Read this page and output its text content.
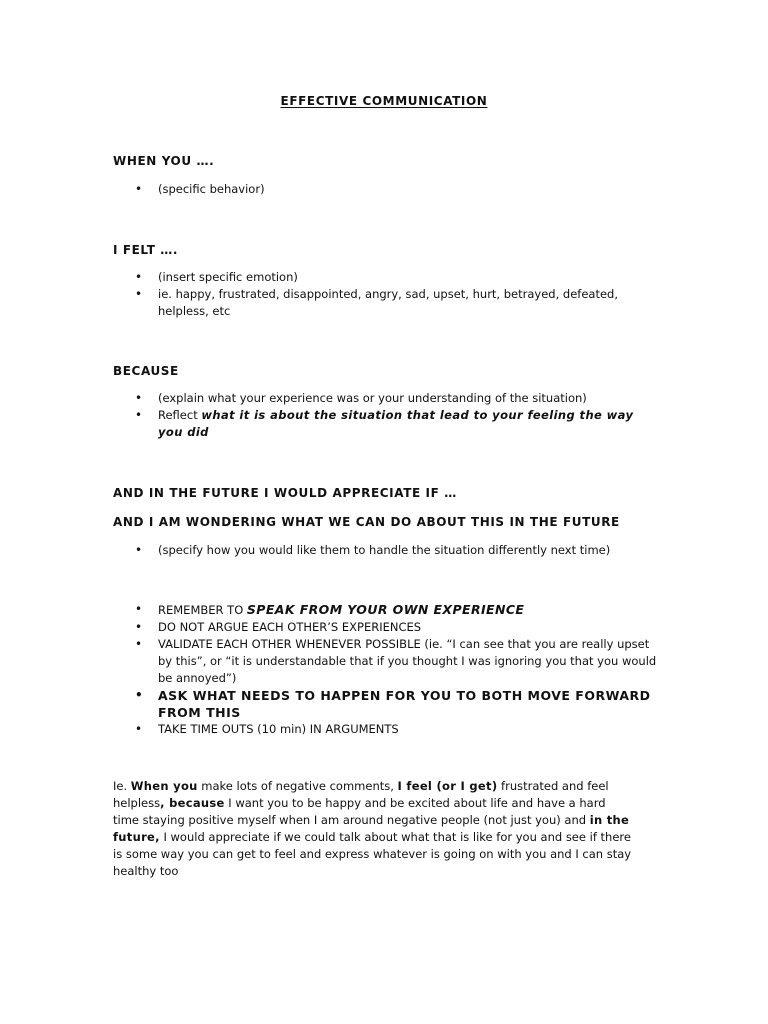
EFFECTIVE COMMUNICATION
WHEN YOU ….
• (specific behavior)
I FELT ….
• (insert specific emotion)
• ie. happy, frustrated, disappointed, angry, sad, upset, hurt, betrayed, defeated, helpless, etc
BECAUSE
• (explain what your experience was or your understanding of the situation)
• Reflect what it is about the situation that lead to your feeling the way you did
AND IN THE FUTURE I WOULD APPRECIATE IF …
AND I AM WONDERING WHAT WE CAN DO ABOUT THIS IN THE FUTURE
• (specify how you would like them to handle the situation differently next time)
• REMEMBER TO SPEAK FROM YOUR OWN EXPERIENCE
• DO NOT ARGUE EACH OTHER’S EXPERIENCES
• VALIDATE EACH OTHER WHENEVER POSSIBLE (ie. “I can see that you are really upset by this”, or “it is understandable that if you thought I was ignoring you that you would be annoyed”)
• ASK WHAT NEEDS TO HAPPEN FOR YOU TO BOTH MOVE FORWARD FROM THIS
• TAKE TIME OUTS (10 min) IN ARGUMENTS
Ie. When you make lots of negative comments, I feel (or I get) frustrated and feel helpless, because I want you to be happy and be excited about life and have a hard time staying positive myself when I am around negative people (not just you) and in the future, I would appreciate if we could talk about what that is like for you and see if there is some way you can get to feel and express whatever is going on with you and I can stay healthy too
